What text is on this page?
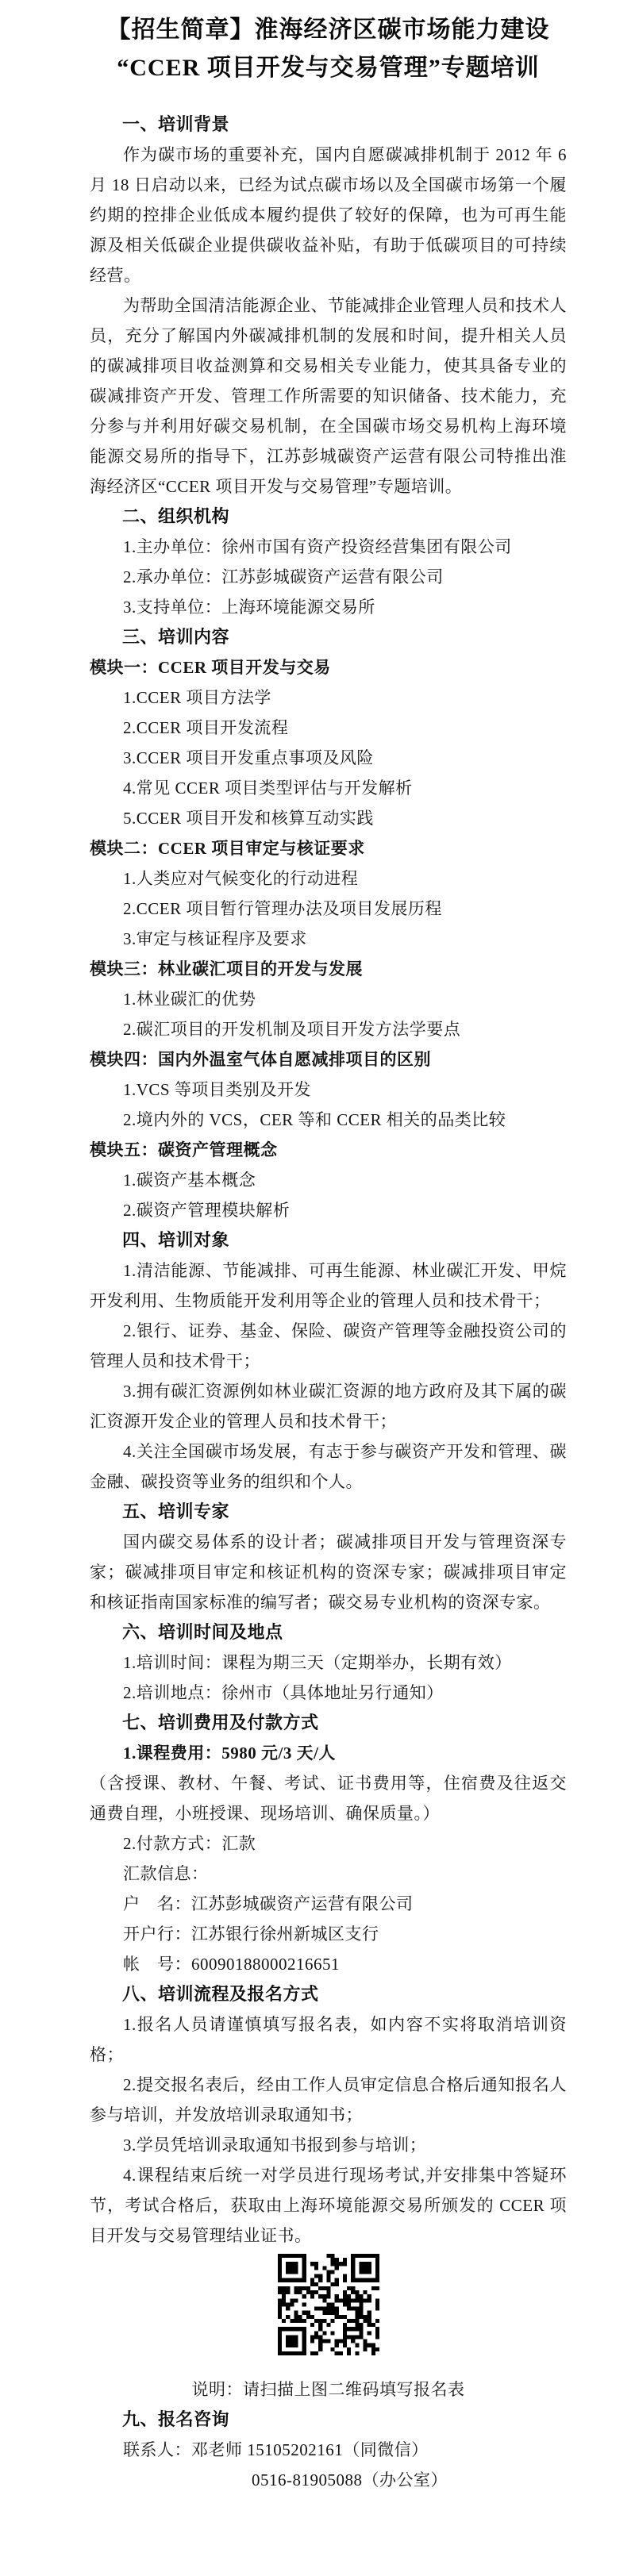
【招生简章】淮海经济区碳市场能力建设
“CCER 项目开发与交易管理”专题培训

一、培训背景

作为碳市场的重要补充，国内自愿碳减排机制于 2012 年 6 月 18 日启动以来，已经为试点碳市场以及全国碳市场第一个履约期的控排企业低成本履约提供了较好的保障，也为可再生能源及相关低碳企业提供碳收益补贴，有助于低碳项目的可持续经营。

为帮助全国清洁能源企业、节能减排企业管理人员和技术人员，充分了解国内外碳减排机制的发展和时间，提升相关人员的碳减排项目收益测算和交易相关专业能力，使其具备专业的碳减排资产开发、管理工作所需要的知识储备、技术能力，充分参与并利用好碳交易机制，在全国碳市场交易机构上海环境能源交易所的指导下，江苏彭城碳资产运营有限公司特推出淮海经济区“CCER 项目开发与交易管理”专题培训。

二、组织机构

1.主办单位：徐州市国有资产投资经营集团有限公司

2.承办单位：江苏彭城碳资产运营有限公司

3.支持单位：上海环境能源交易所

三、培训内容

模块一：CCER 项目开发与交易

1.CCER 项目方法学

2.CCER 项目开发流程

3.CCER 项目开发重点事项及风险

4.常见 CCER 项目类型评估与开发解析

5.CCER 项目开发和核算互动实践

模块二：CCER 项目审定与核证要求

1.人类应对气候变化的行动进程

2.CCER 项目暂行管理办法及项目发展历程

3.审定与核证程序及要求

模块三：林业碳汇项目的开发与发展

1.林业碳汇的优势

2.碳汇项目的开发机制及项目开发方法学要点

模块四：国内外温室气体自愿减排项目的区别

1.VCS 等项目类别及开发

2.境内外的 VCS，CER 等和 CCER 相关的品类比较

模块五：碳资产管理概念

1.碳资产基本概念

2.碳资产管理模块解析

四、培训对象

1.清洁能源、节能减排、可再生能源、林业碳汇开发、甲烷开发利用、生物质能开发利用等企业的管理人员和技术骨干；

2.银行、证券、基金、保险、碳资产管理等金融投资公司的管理人员和技术骨干；

3.拥有碳汇资源例如林业碳汇资源的地方政府及其下属的碳汇资源开发企业的管理人员和技术骨干；

4.关注全国碳市场发展，有志于参与碳资产开发和管理、碳金融、碳投资等业务的组织和个人。

五、培训专家

国内碳交易体系的设计者；碳减排项目开发与管理资深专家；碳减排项目审定和核证机构的资深专家；碳减排项目审定和核证指南国家标准的编写者；碳交易专业机构的资深专家。

六、培训时间及地点

1.培训时间：课程为期三天（定期举办，长期有效）

2.培训地点：徐州市（具体地址另行通知）

七、培训费用及付款方式

1.课程费用：5980 元/3 天/人

（含授课、教材、午餐、考试、证书费用等，住宿费及往返交通费自理，小班授课、现场培训、确保质量。）

2.付款方式：汇款

汇款信息：

户　名：江苏彭城碳资产运营有限公司

开户行：江苏银行徐州新城区支行

帐　号：60090188000216651

八、培训流程及报名方式

1.报名人员请谨慎填写报名表，如内容不实将取消培训资格；

2.提交报名表后，经由工作人员审定信息合格后通知报名人参与培训，并发放培训录取通知书；

3.学员凭培训录取通知书报到参与培训；

4.课程结束后统一对学员进行现场考试,并安排集中答疑环节，考试合格后，获取由上海环境能源交易所颁发的 CCER 项目开发与交易管理结业证书。

说明：请扫描上图二维码填写报名表

九、报名咨询

联系人：邓老师 15105202161（同微信）

0516-81905088（办公室）
